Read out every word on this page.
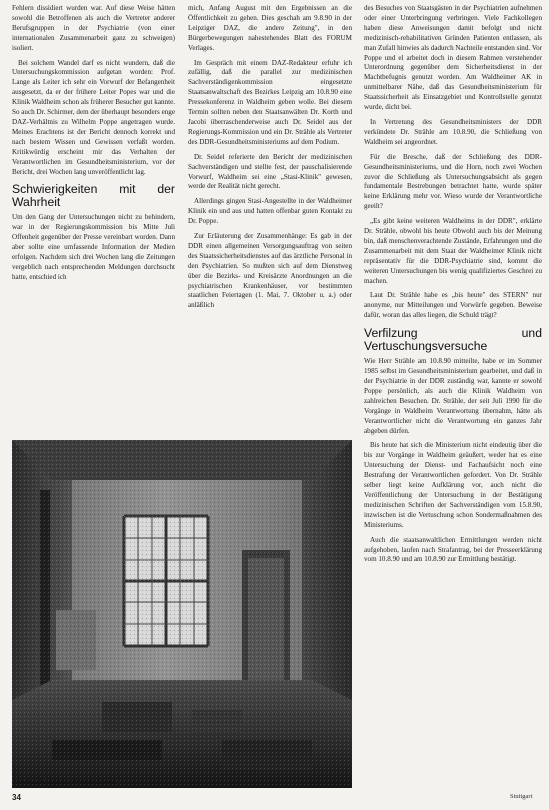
Fehlern dissidiert wurden war. Auf diese Weise hätten sowohl die Betroffenen als auch die Vertreter anderer Berufsgruppen in der Psychiatrie (von einer internationalen Zusammenarbeit ganz zu schweigen) isoliert.

Bei solchem Wandel darf es nicht wundern, daß die Untersuchungskommission aufgetan worden: Prof. Lange als Leiter ich sehr ein Vorwurf der Befangenheit ausgesetzt, da er der frühere Leiter Popes war und die Klinik Waldheim schon als früherer Besucher gut kannte. So auch Dr. Schirmer, dem der überhaupt besonders enge DAZ-Verhältnis zu Wilhelm Poppe angetragen wurde. Meines Erachtens ist der Bericht dennoch korrekt und nach bestem Wissen und Gewissen verfaßt worden. Kritikwürdig erscheint mir das Verhalten der Verantwortlichen im Gesundheitsministerium, vor der Bericht, drei Wochen lang unveröffentlicht lag.

Schwierigkeiten mit der Wahrheit

Um den Gang der Untersuchungen nicht zu behindern, war in der Regierungskommission bis Mitte Juli Offenheit gegenüber der Presse vereinbart worden. Dann aber sollte eine umfassende Information der Medien erfolgen. Nachdem sich drei Wochen lang die Zeitungen vergeblich nach entsprechenden Meldungen durchsucht hatte, entschied ich

mich, Anfang August mit den Ergebnissen an die Öffentlichkeit zu gehen. Dies geschah am 9.8.90 in der Leipziger DAZ, die andere Zeitung", in den Bürgerbewegungen nahestehendes Blatt des FORUM Verlages.

Im Gespräch mit einem DAZ-Redakteur erfuhr ich zufällig, daß die parallel zur medizinischen Sachverständigenkommission eingesetzte Staatsanwaltschaft des Bezirkes Leipzig am 10.8.90 eine Pressekonferenz in Waldheim geben wolle. Bei diesem Termin sollten neben den Staatsanwälten Dr. Korth und Jacobi überraschenderweise auch Dr. Seidel aus der Regierungs-Kommission und ein Dr. Strähle als Vertreter des DDR-Gesundheitsministeriums auf dem Podium.

Dr. Seidel referierte den Bericht der medizinischen Sachverständigen und stellte fest, der pauschalisierende Vorwurf, Waldheim sei eine „Stasi-Klinik" gewesen, werde der Realität nicht gerecht.

Allerdings gingen Stasi-Angestellte in der Waldheimer Klinik ein und aus und hatten offenbar guten Kontakt zu Dr. Poppe.

Zur Erläuterung der Zusammenhänge: Es gab in der DDR einen allgemeinen Versorgungsauftrag von seiten des Staatssicherheitsdienstes auf das ärztliche Personal in den Psychiatrien. So mußten sich auf dem Dienstweg über die Bezirks- und Kreisärzte Anordnungen an die psychiatrischen Krankenhäuser, vor bestimmten staatlichen Feiertagen (1. Mai, 7. Oktober u. a.) oder anläßlich

des Besuches von Staatsgästen in der Psychiatrien aufnehmen oder einer Unterbringung verbringen. Viele Fachkollegen haben diese Anweisungen damit befolgt und nicht medizinisch-rehabilitativen Gründen Patienten entlassen, als man Zufall hinwies als dadurch Nachteile entstanden sind. Vor Poppe und el arbeitet doch in diesem Rahmen verstehender Unterordnung gegenüber dem Sicherheitsdienst in der Machtbefugnis genutzt worden. Am Waldheimer AK in unmittelbarer Nähe, daß das Gesundheitsministerium für Staatssicherheit als Einsatzgebiet und Kontrollstelle genutzt wurde, dicht bei.

In Vertretung des Gesundheitsministers der DDR verkündete Dr. Strähle am 10.8.90, die Schließung von Waldheim sei angeordnet.

Für die Bresche, daß der Schließung des DDR-Gesundheitsministeriums, und die Horn, noch zwei Wochen zuvor die Schließung als Untersuchungsabsicht als gegen fundamentale Bestrebungen betrachtet hatte, wurde später keine Erklärung mehr vor. Wieso wurde der Verantwortliche geeilt?

„Es gibt keine weiteren Waldheims in der DDR", erklärte Dr. Strähle, obwohl bis heute Obwohl auch bis der Meinung bin, daß menschenverachtende Zustände, Erfahrungen und die Zusammenarbeit mit dem Staat der Waldheimer Klinik nicht repräsentativ für die DDR-Psychiatrie sind, kommt die weiteren Untersuchungen bis wenig qualifiziertes Geschrei zu machen.

Laut Dr. Strähle habe es „bis heute" des STERN" nur anonyme, nur Mitteilungen und Vorwürfe gegeben. Beweise dafür, woran das alles liegen, die Schuld trägt?

Verfilzung und Vertuschungsversuche

Wie Herr Strähle am 10.8.90 mitteilte, habe er im Sommer 1985 selbst im Gesundheitsministerium gearbeitet, und daß in der Psychiatrie in der DDR zuständig war, kannte er sowohl Poppe persönlich, als auch die Klinik Waldheim von zahlreichen Besuchen. Dr. Strähle, der seit Juli 1990 für die Vorgänge in Waldheim Verantwortung übernahm, hätte als Verantwortlicher nicht die Verantwortung ein ganzes Jahr abgeben dürfen.

Bis heute hat sich die Ministerium nicht eindeutig über die bis zur Vorgänge in Waldheim geäußert, weder hat es eine Untersuchung der Dienst- und Fachaufsicht noch eine Bestrafung der Verantwortlichen gefordert. Von Dr. Strähle selber liegt keine Aufklärung vor, auch nicht die Veröffentlichung der Untersuchung in der Bestätigung medizinischen Schriften der Sachverständigen vom 15.8.90, inzwischen ist die Vertuschung schon Sondermaßnahmen des Ministeriums.

Auch die staatsanwaltlichen Ermittlungen werden nicht aufgehoben, laufen nach Strafantrag, bei der Presseerklärung vom 10.8.90 und am 10.8.90 zur Ermittlung bestätigt.

Durchsuchung in der Klinik Waldheim
34	Stuttgart
